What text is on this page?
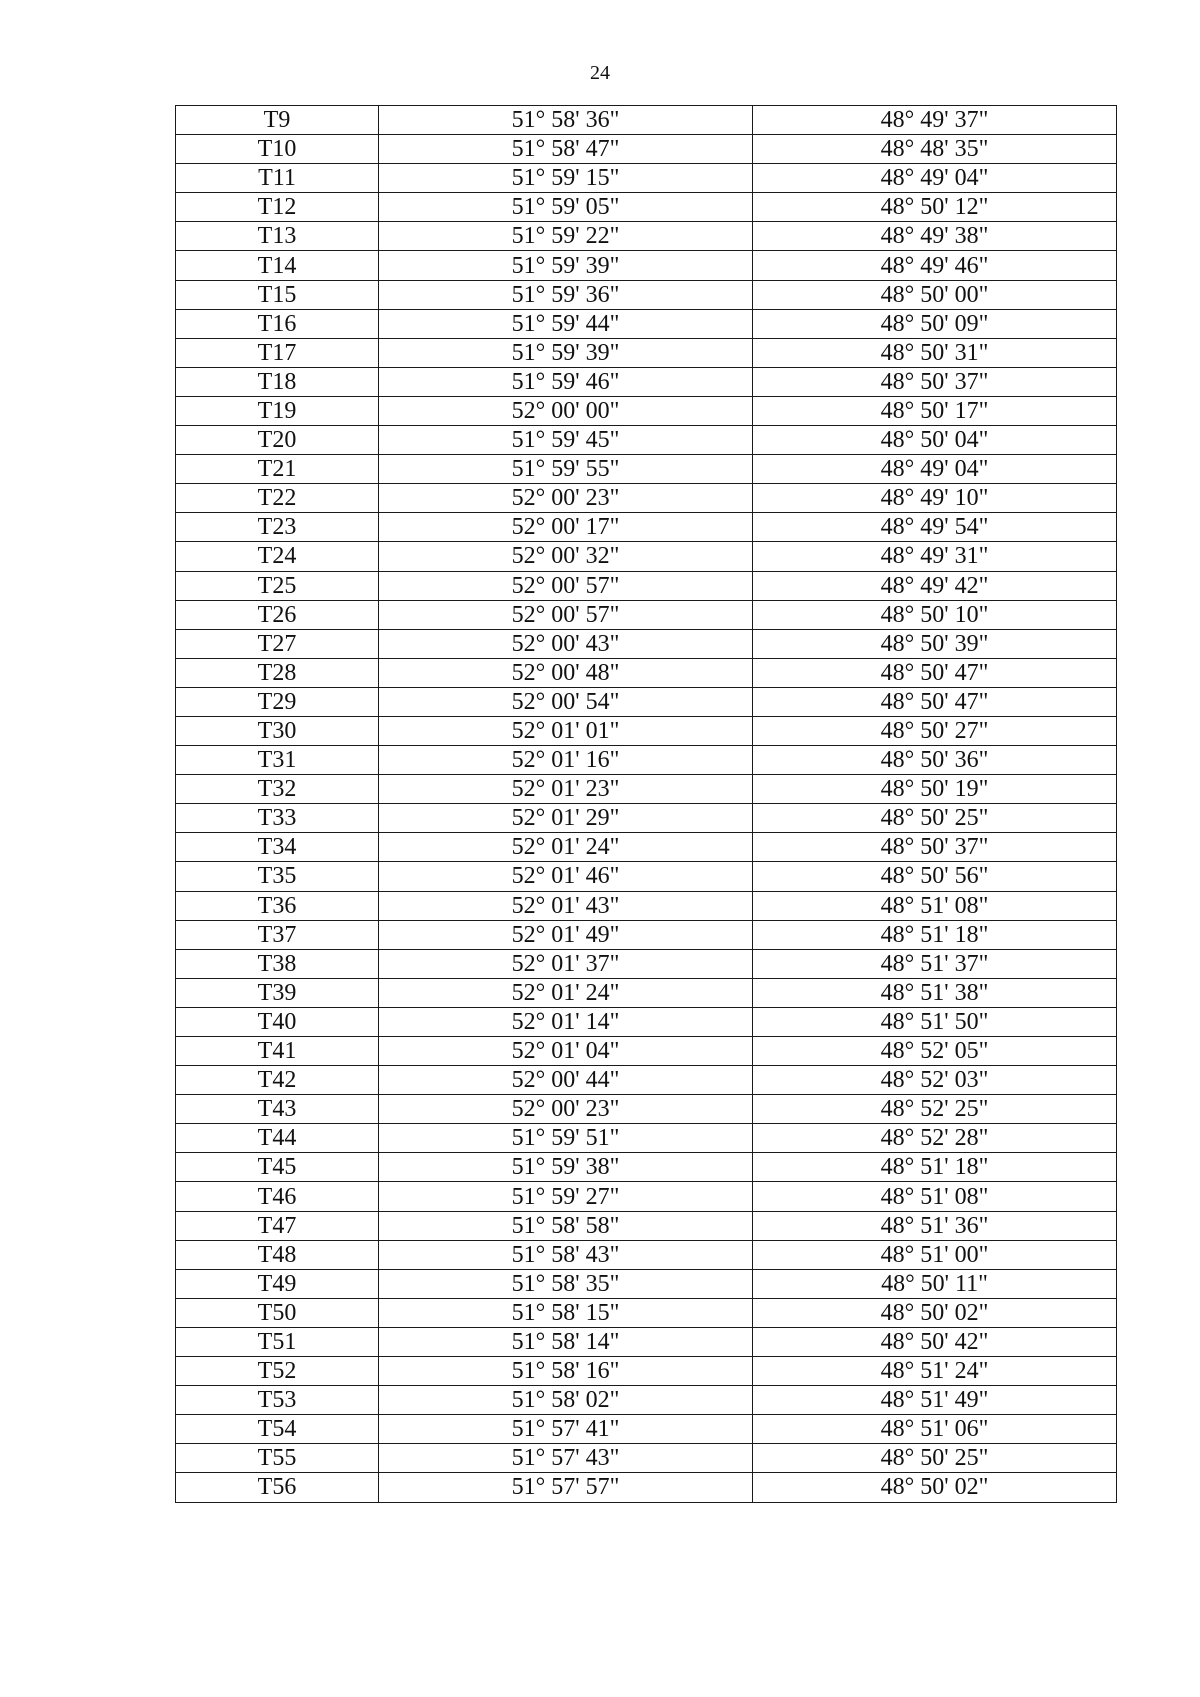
24
T9	51° 58' 36"	48° 49' 37"
T10	51° 58' 47"	48° 48' 35"
T11	51° 59' 15"	48° 49' 04"
T12	51° 59' 05"	48° 50' 12"
T13	51° 59' 22"	48° 49' 38"
T14	51° 59' 39"	48° 49' 46"
T15	51° 59' 36"	48° 50' 00"
T16	51° 59' 44"	48° 50' 09"
T17	51° 59' 39"	48° 50' 31"
T18	51° 59' 46"	48° 50' 37"
T19	52° 00' 00"	48° 50' 17"
T20	51° 59' 45"	48° 50' 04"
T21	51° 59' 55"	48° 49' 04"
T22	52° 00' 23"	48° 49' 10"
T23	52° 00' 17"	48° 49' 54"
T24	52° 00' 32"	48° 49' 31"
T25	52° 00' 57"	48° 49' 42"
T26	52° 00' 57"	48° 50' 10"
T27	52° 00' 43"	48° 50' 39"
T28	52° 00' 48"	48° 50' 47"
T29	52° 00' 54"	48° 50' 47"
T30	52° 01' 01"	48° 50' 27"
T31	52° 01' 16"	48° 50' 36"
T32	52° 01' 23"	48° 50' 19"
T33	52° 01' 29"	48° 50' 25"
T34	52° 01' 24"	48° 50' 37"
T35	52° 01' 46"	48° 50' 56"
T36	52° 01' 43"	48° 51' 08"
T37	52° 01' 49"	48° 51' 18"
T38	52° 01' 37"	48° 51' 37"
T39	52° 01' 24"	48° 51' 38"
T40	52° 01' 14"	48° 51' 50"
T41	52° 01' 04"	48° 52' 05"
T42	52° 00' 44"	48° 52' 03"
T43	52° 00' 23"	48° 52' 25"
T44	51° 59' 51"	48° 52' 28"
T45	51° 59' 38"	48° 51' 18"
T46	51° 59' 27"	48° 51' 08"
T47	51° 58' 58"	48° 51' 36"
T48	51° 58' 43"	48° 51' 00"
T49	51° 58' 35"	48° 50' 11"
T50	51° 58' 15"	48° 50' 02"
T51	51° 58' 14"	48° 50' 42"
T52	51° 58' 16"	48° 51' 24"
T53	51° 58' 02"	48° 51' 49"
T54	51° 57' 41"	48° 51' 06"
T55	51° 57' 43"	48° 50' 25"
T56	51° 57' 57"	48° 50' 02"
